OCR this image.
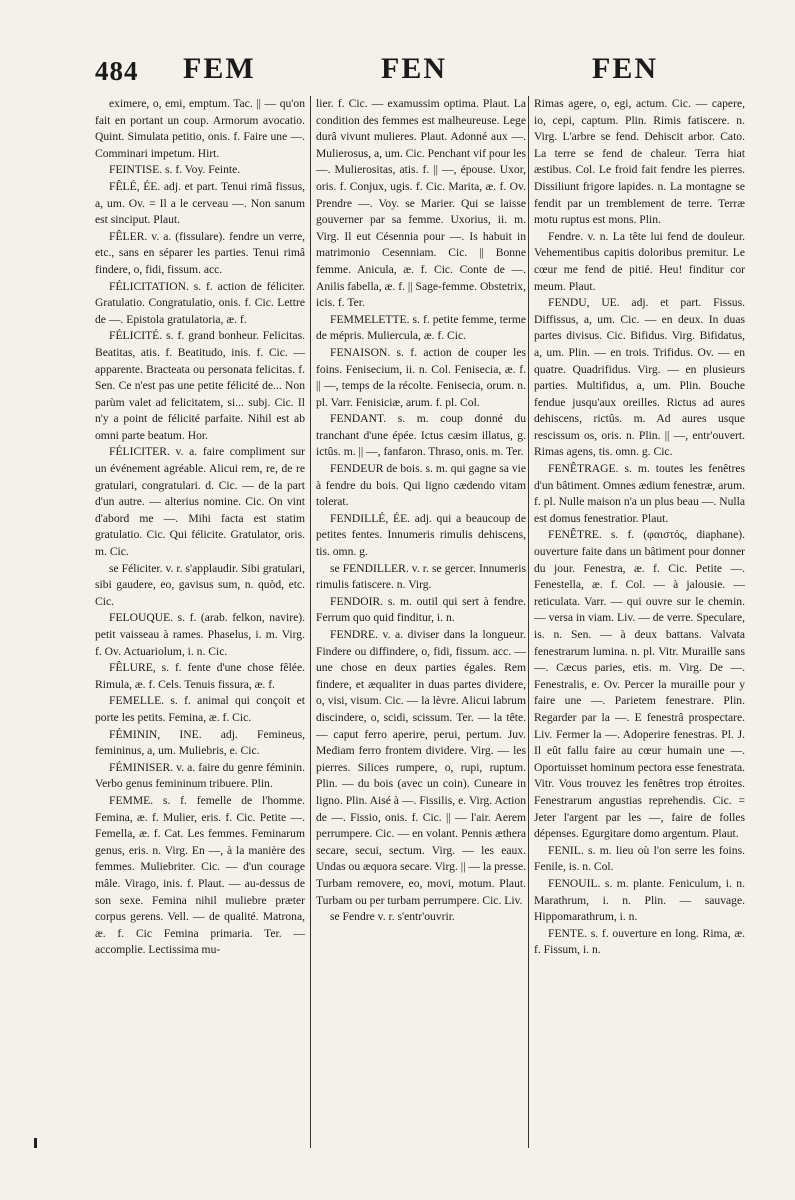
484 FEM	FEN	FEN

eximere, o, emi, emptum. Tac. || — qu'on fait en portant un coup. Armorum avocatio. Quint. Simulata petitio, onis. f. Faire une —. Comminari impetum. Hirt.

FEINTISE. s. f. Voy. Feinte.

FÊLÉ, ÉE. adj. et part. Tenui rimâ fissus, a, um. Ov. = Il a le cerveau —. Non sanum est sinciput. Plaut.

FÊLER. v. a. (fissulare). fendre un verre, etc., sans en séparer les parties. Tenui rimâ findere, o, fidi, fissum. acc.

FÉLICITATION. s. f. action de féliciter. Gratulatio. Congratulatio, onis. f. Cic. Lettre de —. Epistola gratulatoria, æ. f.

FÉLICITÉ. s. f. grand bonheur. Felicitas. Beatitas, atis. f. Beatitudo, inis. f. Cic. — apparente. Bracteata ou personata felicitas. f. Sen. Ce n'est pas une petite félicité de... Non parùm valet ad felicitatem, si... subj. Cic. Il n'y a point de félicité parfaite. Nihil est ab omni parte beatum. Hor.

FÉLICITER. v. a. faire compliment sur un événement agréable. Alicui rem, re, de re gratulari, congratulari. d. Cic. — de la part d'un autre. — alterius nomine. Cic. On vint d'abord me —. Mihi facta est statim gratulatio. Cic. Qui félicite. Gratulator, oris. m. Cic.

se Féliciter. v. r. s'applaudir. Sibi gratulari, sibi gaudere, eo, gavisus sum, n. quòd, etc. Cic.

FELOUQUE. s. f. (arab. felkon, navire). petit vaisseau à rames. Phaselus, i. m. Virg. f. Ov. Actuariolum, i. n. Cic.

FÊLURE, s. f. fente d'une chose fêlée. Rimula, æ. f. Cels. Tenuis fissura, æ. f.

FEMELLE. s. f. animal qui conçoit et porte les petits. Femina, æ. f. Cic.

FÉMININ, INE. adj. Femineus, femininus, a, um. Muliebris, e. Cic.

FÉMINISER. v. a. faire du genre féminin. Verbo genus femininum tribuere. Plin.

FEMME. s. f. femelle de l'homme. Femina, æ. f. Mulier, eris. f. Cic. Petite —. Femella, æ. f. Cat. Les femmes. Feminarum genus, eris. n. Virg. En —, à la manière des femmes. Muliebriter. Cic. — d'un courage mâle. Virago, inis. f. Plaut. — au-dessus de son sexe. Femina nihil muliebre præter corpus gerens. Vell. — de qualité. Matrona, æ. f. Cic Femina primaria. Ter. — accomplie. Lectissima mu-

lier. f. Cic. — examussim optima. Plaut. La condition des femmes est malheureuse. Lege durâ vivunt mulieres. Plaut. Adonné aux —. Mulierosus, a, um. Cic. Penchant vif pour les —. Mulierositas, atis. f. || —, épouse. Uxor, oris. f. Conjux, ugis. f. Cic. Marita, æ. f. Ov. Prendre —. Voy. se Marier. Qui se laisse gouverner par sa femme. Uxorius, ii. m. Virg. Il eut Césennia pour —. Is habuit in matrimonio Cesenniam. Cic. || Bonne femme. Anicula, æ. f. Cic. Conte de —. Anilis fabella, æ. f. || Sage-femme. Obstetrix, icis. f. Ter.

FEMMELETTE. s. f. petite femme, terme de mépris. Muliercula, æ. f. Cic.

FENAISON. s. f. action de couper les foins. Fenisecium, ii. n. Col. Fenisecia, æ. f. || —, temps de la récolte. Fenisecia, orum. n. pl. Varr. Fenisiciæ, arum. f. pl. Col.

FENDANT. s. m. coup donné du tranchant d'une épée. Ictus cæsim illatus, g. ictûs. m. || —, fanfaron. Thraso, onis. m. Ter.

FENDEUR de bois. s. m. qui gagne sa vie à fendre du bois. Qui ligno cædendo vitam tolerat.

FENDILLÉ, ÉE. adj. qui a beaucoup de petites fentes. Innumeris rimulis dehiscens, tis. omn. g.

se FENDILLER. v. r. se gercer. Innumeris rimulis fatiscere. n. Virg.

FENDOIR. s. m. outil qui sert à fendre. Ferrum quo quid finditur, i. n.

FENDRE. v. a. diviser dans la longueur. Findere ou diffindere, o, fidi, fissum. acc. — une chose en deux parties égales. Rem findere, et æqualiter in duas partes dividere, o, visi, visum. Cic. — la lèvre. Alicui labrum discindere, o, scidi, scissum. Ter. — la tête. — caput ferro aperire, perui, pertum. Juv. Mediam ferro frontem dividere. Virg. — les pierres. Silices rumpere, o, rupi, ruptum. Plin. — du bois (avec un coin). Cuneare in ligno. Plin. Aisé à —. Fissilis, e. Virg. Action de —. Fissio, onis. f. Cic. || — l'air. Aerem perrumpere. Cic. — en volant. Pennis æthera secare, secui, sectum. Virg. — les eaux. Undas ou æquora secare. Virg. || — la presse. Turbam removere, eo, movi, motum. Plaut. Turbam ou per turbam perrumpere. Cic. Liv.

se Fendre v. r. s'entr'ouvrir.

Rimas agere, o, egi, actum. Cic. — capere, io, cepi, captum. Plin. Rimis fatiscere. n. Virg. L'arbre se fend. Dehiscit arbor. Cato. La terre se fend de chaleur. Terra hiat æstibus. Col. Le froid fait fendre les pierres. Dissiliunt frigore lapides. n. La montagne se fendit par un tremblement de terre. Terræ motu ruptus est mons. Plin.

Fendre. v. n. La tête lui fend de douleur. Vehementibus capitis doloribus premitur. Le cœur me fend de pitié. Heu! finditur cor meum. Plaut.

FENDU, UE. adj. et part. Fissus. Diffissus, a, um. Cic. — en deux. In duas partes divisus. Cic. Bifidus. Virg. Bifidatus, a, um. Plin. — en trois. Trifidus. Ov. — en quatre. Quadrifidus. Virg. — en plusieurs parties. Multifidus, a, um. Plin. Bouche fendue jusqu'aux oreilles. Rictus ad aures dehiscens, rictûs. m. Ad aures usque rescissum os, oris. n. Plin. || —, entr'ouvert. Rimas agens, tis. omn. g. Cic.

FENÊTRAGE. s. m. toutes les fenêtres d'un bâtiment. Omnes ædium fenestræ, arum. f. pl. Nulle maison n'a un plus beau —. Nulla est domus fenestratior. Plaut.

FENÊTRE. s. f. (φαιστός, diaphane). ouverture faite dans un bâtiment pour donner du jour. Fenestra, æ. f. Cic. Petite —. Fenestella, æ. f. Col. — à jalousie. — reticulata. Varr. — qui ouvre sur le chemin. — versa in viam. Liv. — de verre. Specularе, is. n. Sen. — à deux battans. Valvata fenestrarum lumina. n. pl. Vitr. Muraille sans —. Cæcus paries, etis. m. Virg. De —. Fenestralis, e. Ov. Percer la muraille pour y faire une —. Parietem fenestrare. Plin. Regarder par la —. E fenestrâ prospectare. Liv. Fermer la —. Adoperire fenestras. Pl. J. Il eût fallu faire au cœur humain une —. Oportuisset hominum pectora esse fenestrata. Vitr. Vous trouvez les fenêtres trop étroites. Fenestrarum angustias reprehendis. Cic. = Jeter l'argent par les —, faire de folles dépenses. Egurgitare domo argentum. Plaut.

FENIL. s. m. lieu où l'on serre les foins. Fenile, is. n. Col.

FENOUIL. s. m. plante. Feniculum, i. n. Marathrum, i. n. Plin. — sauvage. Hippomarathrum, i. n.

FENTE. s. f. ouverture en long. Rima, æ. f. Fissum, i. n.
